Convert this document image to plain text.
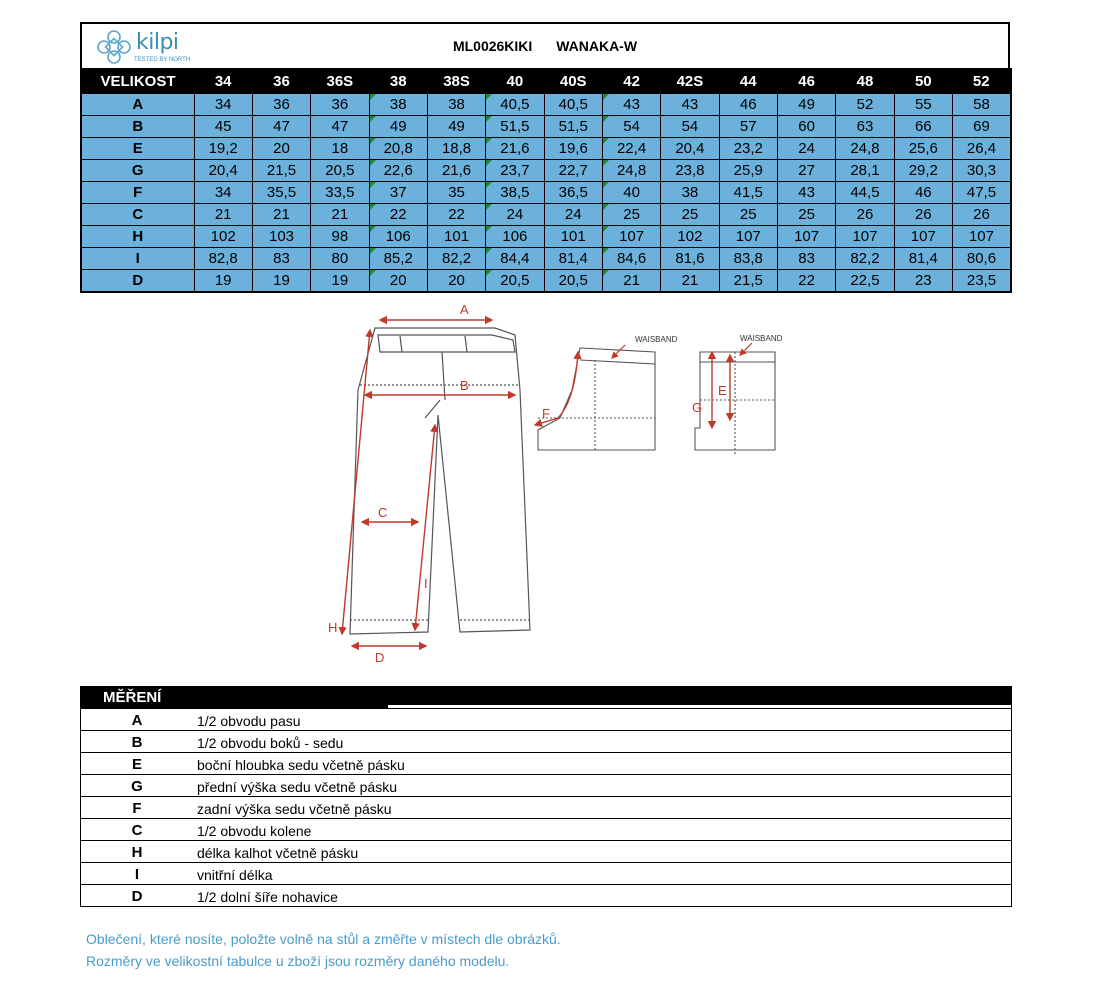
kilpi
TESTED BY NORTH
ML0026KIKI WANAKA-W
VELIKOST	34	36	36S	38	38S	40	40S	42	42S	44	46	48	50	52
A	34	36	36	38	38	40,5	40,5	43	43	46	49	52	55	58
B	45	47	47	49	49	51,5	51,5	54	54	57	60	63	66	69
E	19,2	20	18	20,8	18,8	21,6	19,6	22,4	20,4	23,2	24	24,8	25,6	26,4
G	20,4	21,5	20,5	22,6	21,6	23,7	22,7	24,8	23,8	25,9	27	28,1	29,2	30,3
F	34	35,5	33,5	37	35	38,5	36,5	40	38	41,5	43	44,5	46	47,5
C	21	21	21	22	22	24	24	25	25	25	25	26	26	26
H	102	103	98	106	101	106	101	107	102	107	107	107	107	107
I	82,8	83	80	85,2	82,2	84,4	81,4	84,6	81,6	83,8	83	82,2	81,4	80,6
D	19	19	19	20	20	20,5	20,5	21	21	21,5	22	22,5	23	23,5
A
B
C
D
H
I
F
WAISBAND
G
E
WAISBAND
MĚŘENÍ
A	1/2 obvodu pasu
B	1/2 obvodu boků - sedu
E	boční hloubka sedu včetně pásku
G	přední výška sedu včetně pásku
F	zadní výška sedu včetně pásku
C	1/2 obvodu kolene
H	délka kalhot včetně pásku
I	vnitřní délka
D	1/2 dolní šíře nohavice
Oblečení, které nosíte, položte volně na stůl a změřte v místech dle obrázků.
Rozměry ve velikostní tabulce u zboží jsou rozměry daného modelu.
